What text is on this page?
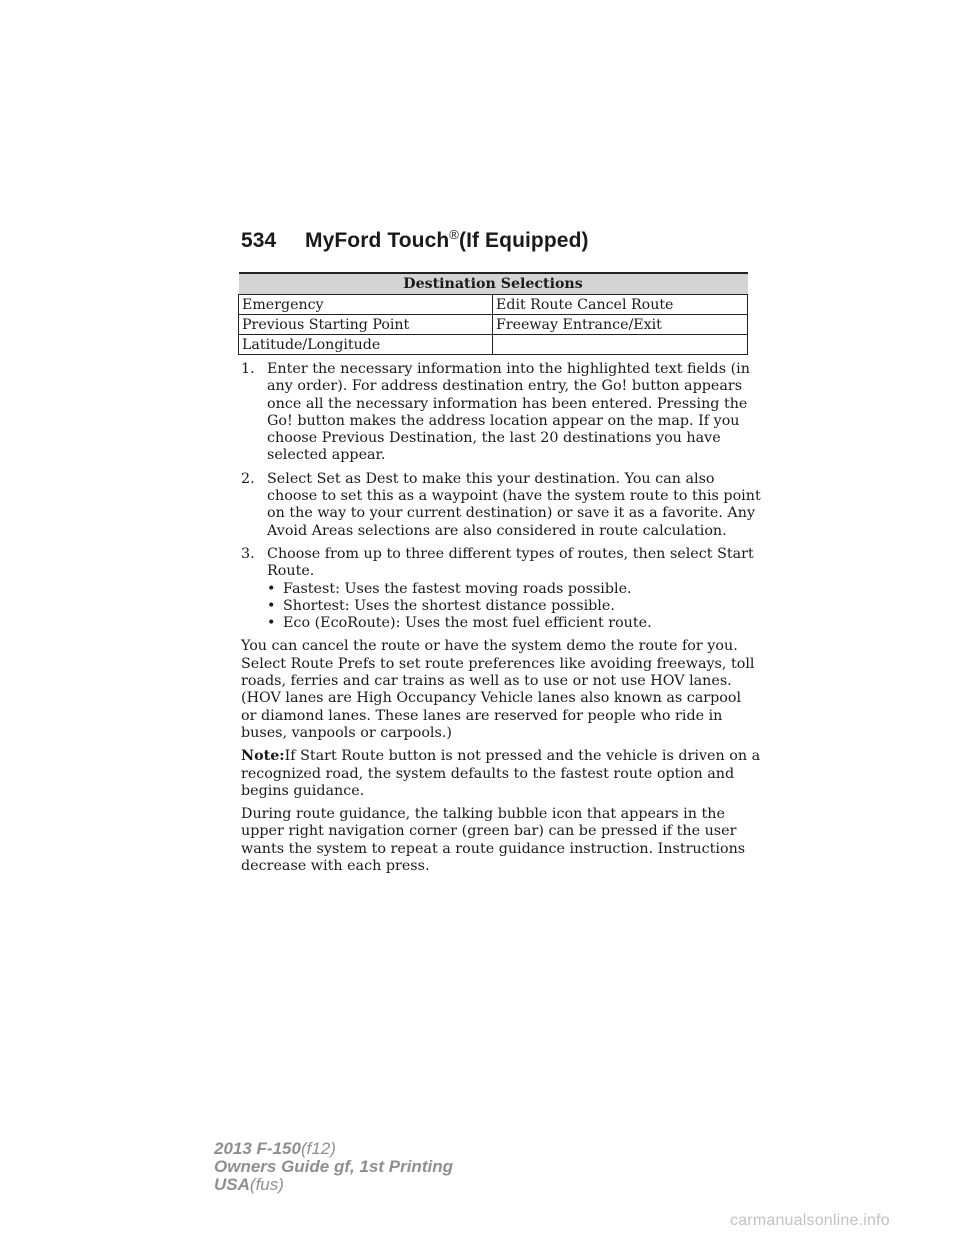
534 MyFord Touch®(If Equipped)
Destination Selections	
Emergency	Edit Route Cancel Route
Previous Starting Point	Freeway Entrance/Exit
Latitude/Longitude	

1. Enter the necessary information into the highlighted text fields (in any order). For address destination entry, the Go! button appears once all the necessary information has been entered. Pressing the Go! button makes the address location appear on the map. If you choose Previous Destination, the last 20 destinations you have selected appear.

2. Select Set as Dest to make this your destination. You can also choose to set this as a waypoint (have the system route to this point on the way to your current destination) or save it as a favorite. Any Avoid Areas selections are also considered in route calculation.

3. Choose from up to three different types of routes, then select Start Route.

• Fastest: Uses the fastest moving roads possible.
• Shortest: Uses the shortest distance possible.
• Eco (EcoRoute): Uses the most fuel efficient route.

You can cancel the route or have the system demo the route for you. Select Route Prefs to set route preferences like avoiding freeways, toll roads, ferries and car trains as well as to use or not use HOV lanes. (HOV lanes are High Occupancy Vehicle lanes also known as carpool or diamond lanes. These lanes are reserved for people who ride in buses, vanpools or carpools.)

Note:If Start Route button is not pressed and the vehicle is driven on a recognized road, the system defaults to the fastest route option and begins guidance.

During route guidance, the talking bubble icon that appears in the upper right navigation corner (green bar) can be pressed if the user wants the system to repeat a route guidance instruction. Instructions decrease with each press.

2013 F-150(f12)
Owners Guide gf, 1st Printing
USA(fus)
carmanualsonline.info
